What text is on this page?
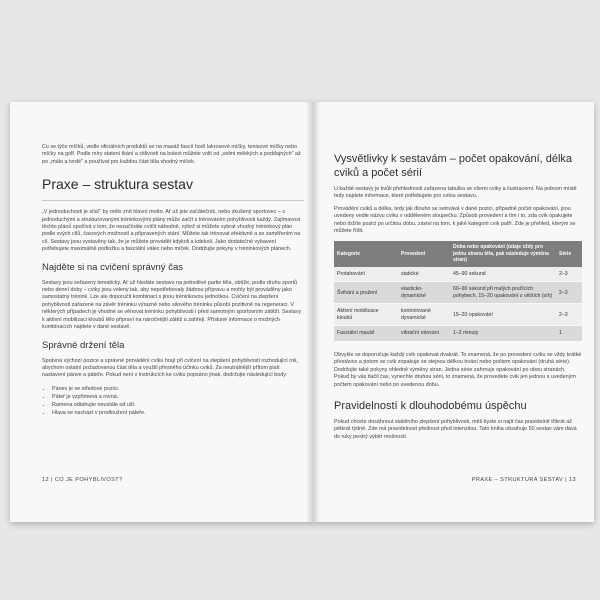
Co se týče míčků, vedle oficiálních produktů se na masáž fascií hodí lakrosové míčky, tenisové míčky nebo míčky na golf. Podle míry statení tkání a citlivosti na bolest můžete volit od „velmi měkkých a poddajných" až po „málo a tvrdé" a používat pro každou část těla vhodný míček.

Praxe – struktura sestav

„V jednoduchosti je síla!" by mělo znít hlavní motto. Ať už jste začátečník, nebo zkušený sportovec – s jednoduchými a strukturovanými tréninkovými plány může začít s trénováním pohyblivosti každý. Zajímavost těchto plánů spočívá v tom, že nezačínáte cvičit náhodně, nýbrž si můžete vybrat vhodný tréninkový plán podle svých cílů, časových možností a připravených stání. Můžete tak trénovat efektivně a se zaměřením na cíl. Sestavy jsou vystavěny tak, že je můžete provádět kdykoli a kdekoli. Jako dodatečné vybavení potřebujete maximálně podložku a fasciální válec nebo míček. Dodržujte pokyny v tréninkových plánech.

Najděte si na cvičení správný čas

Sestavy jsou seřazeny tematicky. Ať už hledáte sestavu na jednotlivé partie těla, obtíže, podle druhu sportů nebo denní doby – cviky jsou voleny tak, aby nepotřebovaly žádnou přípravu a mohly být prováděny jako samostatný trénink. Lze ale doporučit kombinaci s jinou tréninkovou jednotkou. Cvičení na zlepšení pohyblivosti zařazené na závěr tréninku výrazně nebo silového tréninku působí pozitivně na regeneraci. V některých případech je vhodné se věnovat tréninku pohyblivosti i před samotným sportovním zátěží. Sestavy k aktivní mobilizaci kloubů tělo připraví na náročnější zátěž a zahřejí. Přísluné informace o možných kombinacích najdete v dané sestavě.

Správné držení těla

Správná výchozí pozice a správné provádění cviku hrají při cvičení na zlepšení pohyblivosti rozhodující roli, abychom ostatní požadovanou část těla a využili přesného účinku cviků. Za neutrálnější přítom platí nastavení pánve a páteře. Pokud není v instrukcích ke cviku popsáno jinak, dodržujte následující body:

• Pánev je ve středové pozici.
• Páteř je vzpřímená a rovná.
• Ramena odtahujte neustále od uší.
• Hlava se nachází v prodloužení páteře.
12 | CO JE POHYBLIVOST?
Vysvětlivky k sestavám – počet opakování, délka cviků a počet sérií

U každé sestavy je kvůli přehlednosti zařazena tabulka se všemi cviky a ilustracemi. Na jednom místě tedy najdete informace, které potřebujete pro celou sestavu.

Provádění cviků a délka, tedy jak dlouho se setrvává v dané pozici, případně počet opakování, jsou uvedeny vedle názvu cviku v odděleném sloupečku. Způsob provedení a tím i to, zda cvik opakujete nebo držíte pozici po určitou dobu, závisí na tom, k jaké kategorii cvik patří. Zde je přehled, kterým se můžete řídit.

Kategorie	Provedení	Doba nebo opakování (údaje vždy pro jednu stranu těla, pak následuje výměna stran)	Série
Protahování	statické	45–90 sekund	2–3
Švihání a pružení	elasticko-dynamické	60–90 sekund při malých pružících pohybech, 15–20 opakování u větších (síh)	2–3
Aktivní mobilizace kloubů	kontrolované dynamické	15–20 opakování	2–3
Fasciální masáž	vibrační rolování	1–2 minuty	1

Obvykle se doporučuje každý cvik opakovat dvakrát. To znamená, že po provedení cviku se vždy krátké přestávce a potom se cvik zopakuje se stejnou délkou trvání nebo počtem opakování (druhá série). Dodržujte také pokyny ohledně výměny stran. Jedna série zahrnuje opakování po obou stranách. Pokud by vás tlačil čas, vynechte druhou sérii, to znamená, že provedete cvik jen jednou s uvedeným počtem opakování nebo po uvedenou dobu.

Pravidelností k dlouhodobému úspěchu

Pokud chcete dosáhnout stabilního zlepšení pohyblivosti, měli byste si najít čas pravidelně třikrát až pětkrát týdně. Zde má pravidelnost přednost před intenzitou. Tato kniha obsahuje 50 sestav vám dává do ruky pestrý výběr možností.

PRAXE – STRUKTURA SESTAV | 13
